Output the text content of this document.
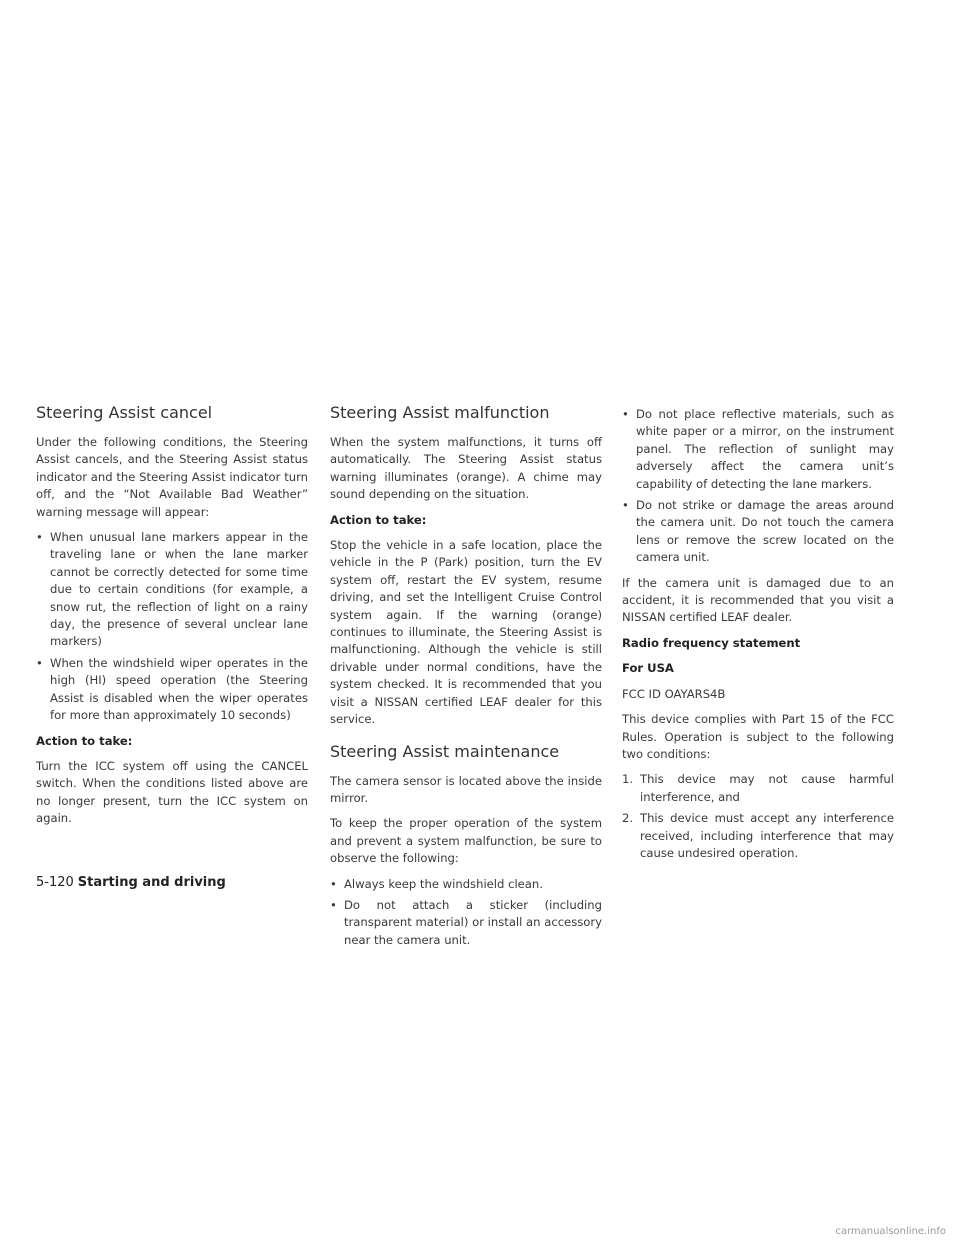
Steering Assist cancel

Under the following conditions, the Steering Assist cancels, and the Steering Assist status indicator and the Steering Assist indicator turn off, and the “Not Available Bad Weather” warning message will appear:

• When unusual lane markers appear in the traveling lane or when the lane marker cannot be correctly detected for some time due to certain conditions (for example, a snow rut, the reflection of light on a rainy day, the presence of several unclear lane markers)
• When the windshield wiper operates in the high (HI) speed operation (the Steering Assist is disabled when the wiper operates for more than approximately 10 seconds)

Action to take:

Turn the ICC system off using the CANCEL switch. When the conditions listed above are no longer present, turn the ICC system on again.

Steering Assist malfunction

When the system malfunctions, it turns off automatically. The Steering Assist status warning illuminates (orange). A chime may sound depending on the situation.

Action to take:

Stop the vehicle in a safe location, place the vehicle in the P (Park) position, turn the EV system off, restart the EV system, resume driving, and set the Intelligent Cruise Control system again. If the warning (orange) continues to illuminate, the Steering Assist is malfunctioning. Although the vehicle is still drivable under normal conditions, have the system checked. It is recommended that you visit a NISSAN certified LEAF dealer for this service.

Steering Assist maintenance

The camera sensor is located above the inside mirror.

To keep the proper operation of the system and prevent a system malfunction, be sure to observe the following:

• Always keep the windshield clean.
• Do not attach a sticker (including transparent material) or install an accessory near the camera unit.
• Do not place reflective materials, such as white paper or a mirror, on the instrument panel. The reflection of sunlight may adversely affect the camera unit’s capability of detecting the lane markers.
• Do not strike or damage the areas around the camera unit. Do not touch the camera lens or remove the screw located on the camera unit.

If the camera unit is damaged due to an accident, it is recommended that you visit a NISSAN certified LEAF dealer.

Radio frequency statement

For USA

FCC ID OAYARS4B

This device complies with Part 15 of the FCC Rules. Operation is subject to the following two conditions:

1. This device may not cause harmful interference, and
2. This device must accept any interference received, including interference that may cause undesired operation.
5-120 Starting and driving
carmanualsonline.info
